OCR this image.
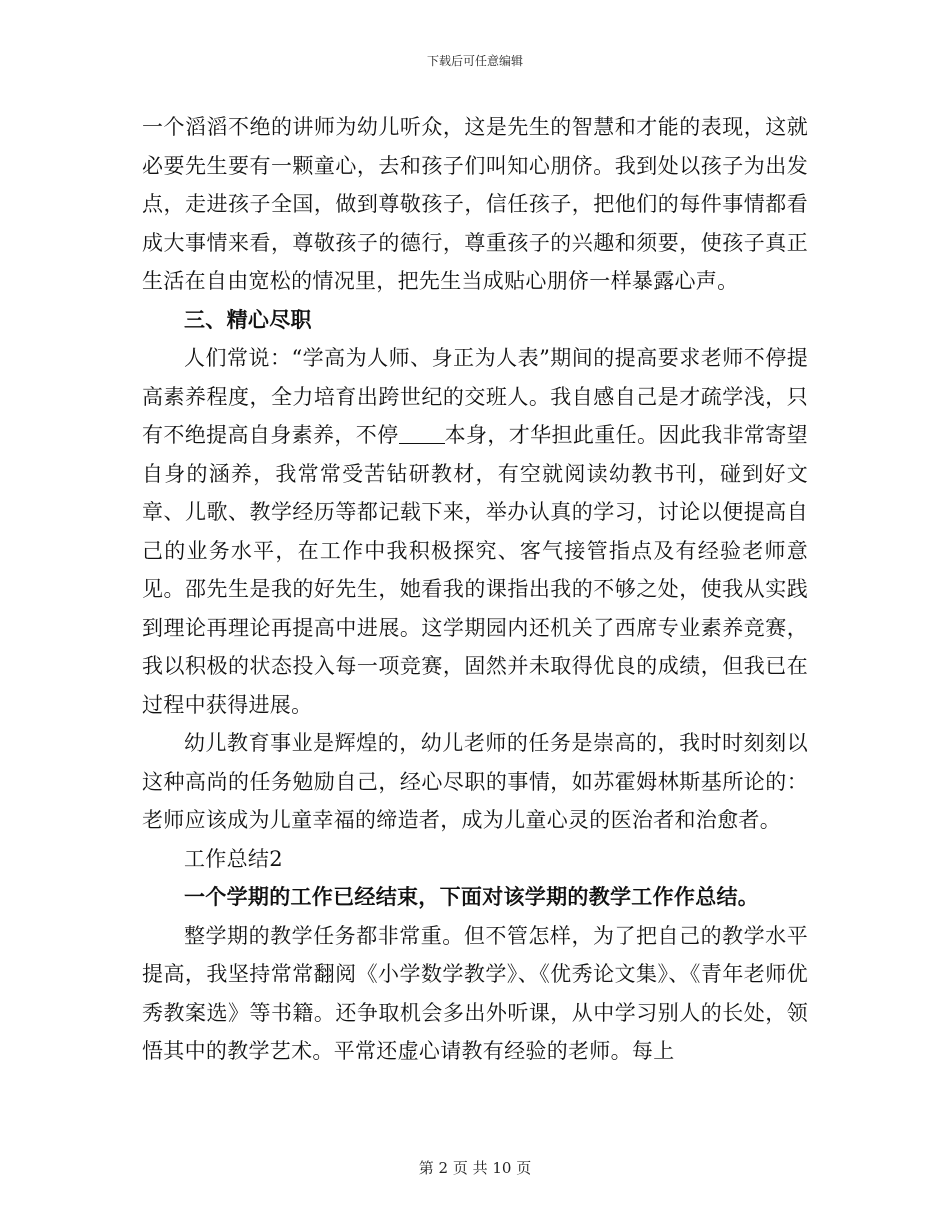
下载后可任意编辑

一个滔滔不绝的讲师为幼儿听众，这是先生的智慧和才能的表现，这就必要先生要有一颗童心，去和孩子们叫知心朋侪。我到处以孩子为出发点，走进孩子全国，做到尊敬孩子，信任孩子，把他们的每件事情都看成大事情来看，尊敬孩子的德行，尊重孩子的兴趣和须要，使孩子真正生活在自由宽松的情况里，把先生当成贴心朋侪一样暴露心声。

三、精心尽职

人们常说：“学高为人师、身正为人表”期间的提高要求老师不停提高素养程度，全力培育出跨世纪的交班人。我自感自己是才疏学浅，只有不绝提高自身素养，不停 本身，才华担此重任。因此我非常寄望自身的涵养，我常常受苦钻研教材，有空就阅读幼教书刊，碰到好文章、儿歌、教学经历等都记载下来，举办认真的学习，讨论以便提高自己的业务水平，在工作中我积极探究、客气接管指点及有经验老师意见。邵先生是我的好先生，她看我的课指出我的不够之处，使我从实践到理论再理论再提高中进展。这学期园内还机关了西席专业素养竞赛，我以积极的状态投入每一项竞赛，固然并未取得优良的成绩，但我已在过程中获得进展。

幼儿教育事业是辉煌的，幼儿老师的任务是崇高的，我时时刻刻以这种高尚的任务勉励自己，经心尽职的事情，如苏霍姆林斯基所论的：老师应该成为儿童幸福的缔造者，成为儿童心灵的医治者和治愈者。

工作总结2

一个学期的工作已经结束，下面对该学期的教学工作作总结。

整学期的教学任务都非常重。但不管怎样，为了把自己的教学水平提高，我坚持常常翻阅《小学数学教学》、《优秀论文集》、《青年老师优秀教案选》等书籍。还争取机会多出外听课，从中学习别人的长处，领悟其中的教学艺术。平常还虚心请教有经验的老师。每上

第 2 页 共 10 页
